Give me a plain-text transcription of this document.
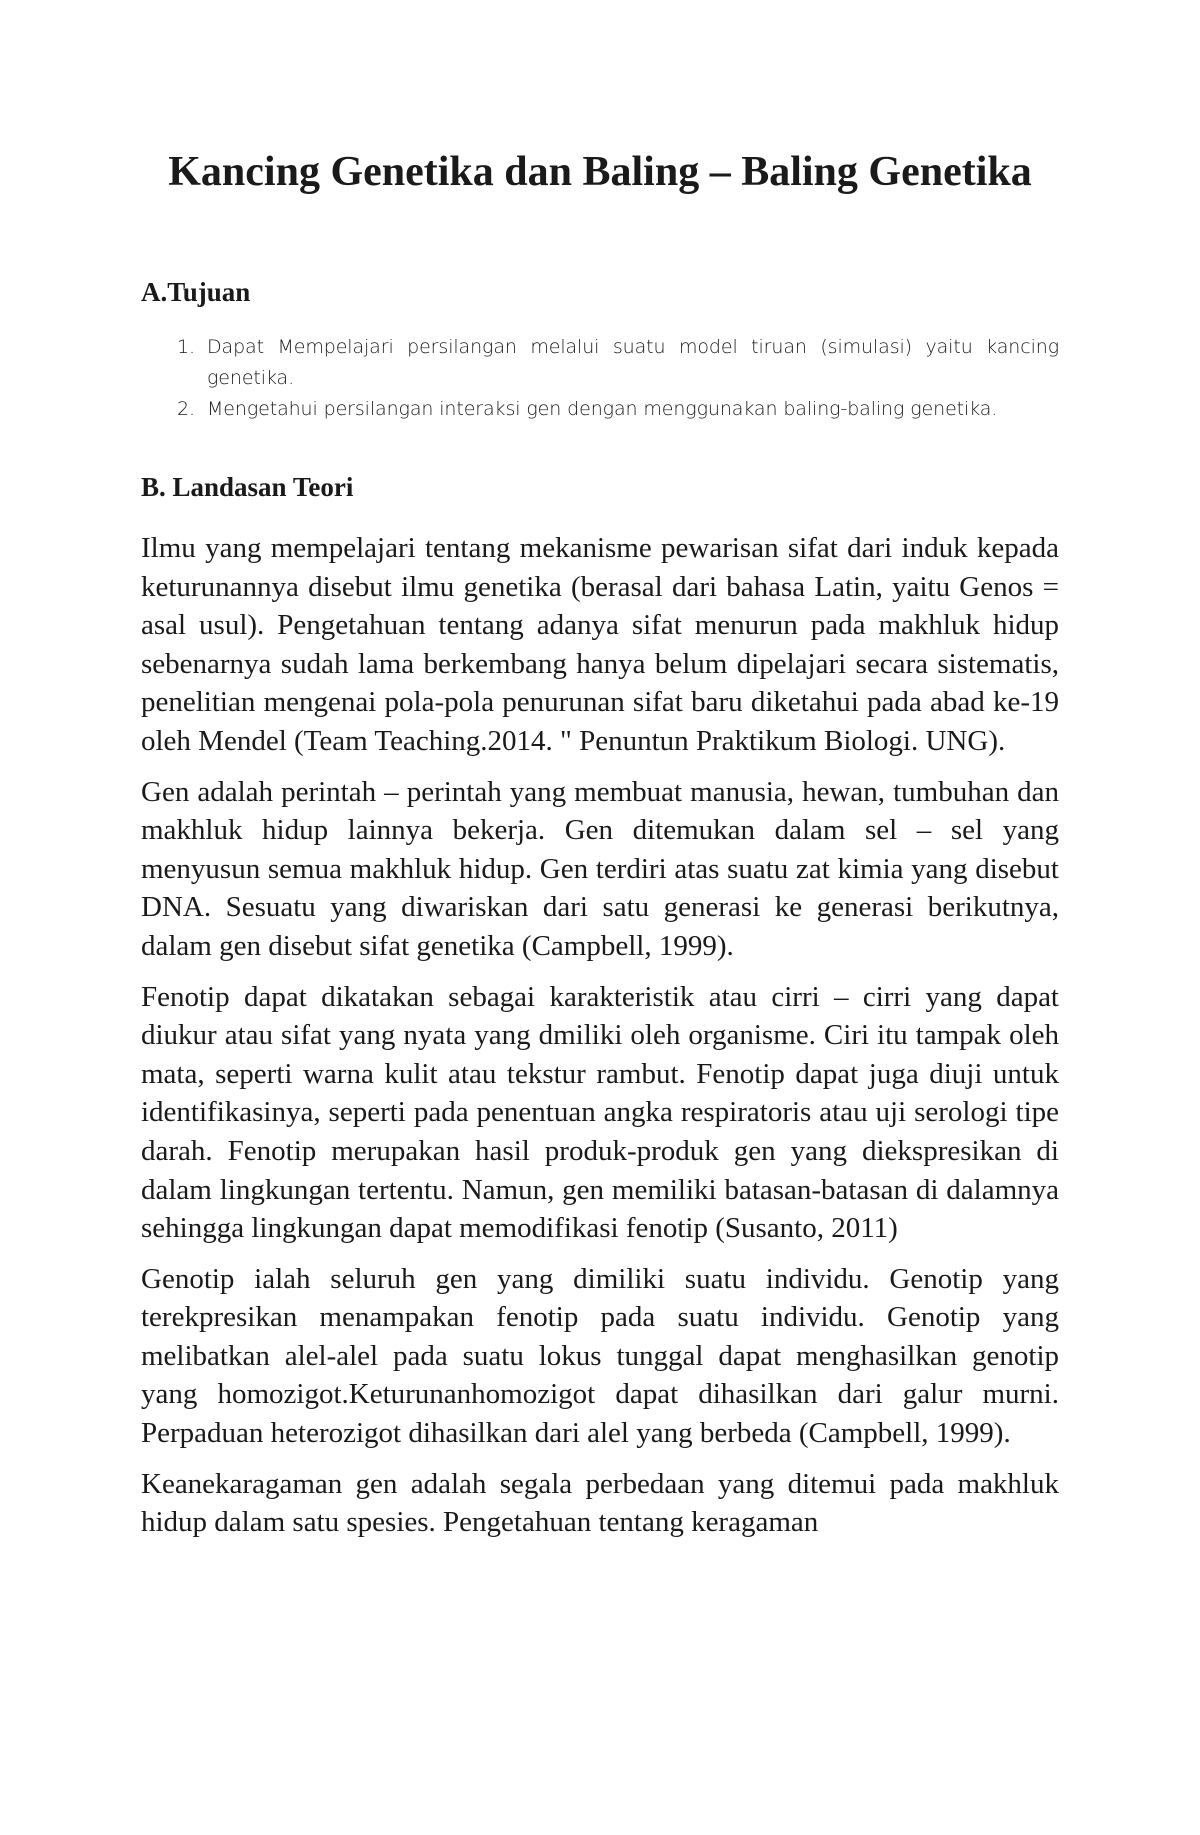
Kancing Genetika dan Baling – Baling Genetika
A.Tujuan
1. Dapat Mempelajari persilangan melalui suatu model tiruan (simulasi) yaitu kancing genetika.
2. Mengetahui persilangan interaksi gen dengan menggunakan baling-baling genetika.
B. Landasan Teori

Ilmu yang mempelajari tentang mekanisme pewarisan sifat dari induk kepada keturunannya disebut ilmu genetika (berasal dari bahasa Latin, yaitu Genos = asal usul). Pengetahuan tentang adanya sifat menurun pada makhluk hidup sebenarnya sudah lama berkembang hanya belum dipelajari secara sistematis, penelitian mengenai pola-pola penurunan sifat baru diketahui pada abad ke-19 oleh Mendel (Team Teaching.2014. " Penuntun Praktikum Biologi. UNG).

Gen adalah perintah – perintah yang membuat manusia, hewan, tumbuhan dan makhluk hidup lainnya bekerja. Gen ditemukan dalam sel – sel yang menyusun semua makhluk hidup. Gen terdiri atas suatu zat kimia yang disebut DNA. Sesuatu yang diwariskan dari satu generasi ke generasi berikutnya, dalam gen disebut sifat genetika (Campbell, 1999).

Fenotip dapat dikatakan sebagai karakteristik atau cirri – cirri yang dapat diukur atau sifat yang nyata yang dmiliki oleh organisme. Ciri itu tampak oleh mata, seperti warna kulit atau tekstur rambut. Fenotip dapat juga diuji untuk identifikasinya, seperti pada penentuan angka respiratoris atau uji serologi tipe darah. Fenotip merupakan hasil produk-produk gen yang diekspresikan di dalam lingkungan tertentu. Namun, gen memiliki batasan-batasan di dalamnya sehingga lingkungan dapat memodifikasi fenotip (Susanto, 2011)

Genotip ialah seluruh gen yang dimiliki suatu individu. Genotip yang terekpresikan menampakan fenotip pada suatu individu. Genotip yang melibatkan alel-alel pada suatu lokus tunggal dapat menghasilkan genotip yang homozigot.Keturunanhomozigot dapat dihasilkan dari galur murni. Perpaduan heterozigot dihasilkan dari alel yang berbeda (Campbell, 1999).

Keanekaragaman gen adalah segala perbedaan yang ditemui pada makhluk hidup dalam satu spesies. Pengetahuan tentang keragaman
